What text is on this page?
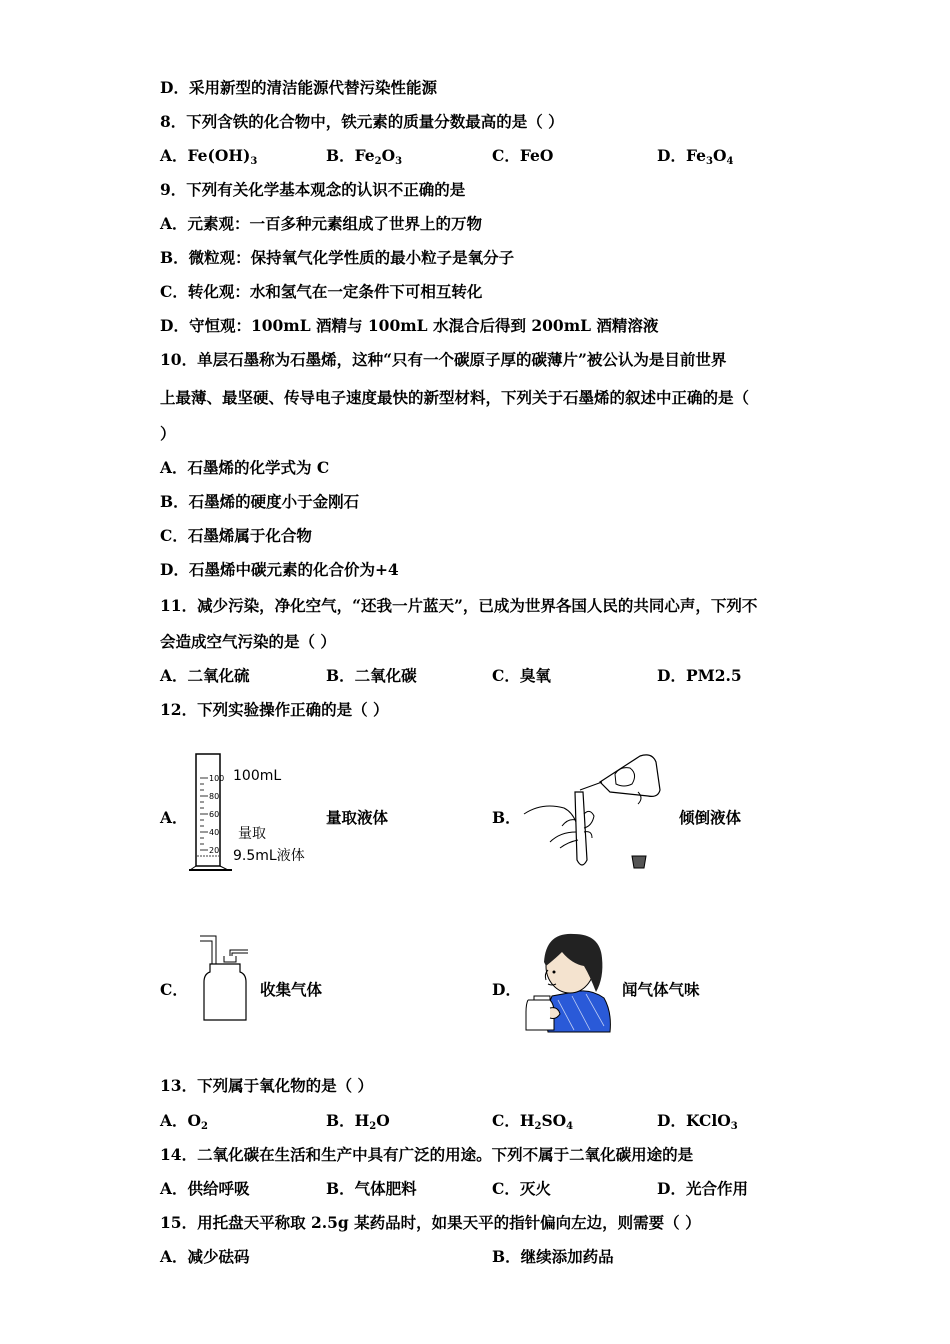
D．采用新型的清洁能源代替污染性能源
8．下列含铁的化合物中，铁元素的质量分数最高的是（ ）
A．$Fe(OH)_3$	B．$Fe_2O_3$	C．FeO	D．$Fe_3O_4$
9．下列有关化学基本观念的认识不正确的是
A．元素观：一百多种元素组成了世界上的万物
B．微粒观：保持氧气化学性质的最小粒子是氧分子
C．转化观：水和氢气在一定条件下可相互转化
D．守恒观：100mL 酒精与 100mL 水混合后得到 200mL 酒精溶液
10．单层石墨称为石墨烯，这种“只有一个碳原子厚的碳薄片”被公认为是目前世界
上最薄、最坚硬、传导电子速度最快的新型材料，下列关于石墨烯的叙述中正确的是（
）
A．石墨烯的化学式为 C
B．石墨烯的硬度小于金刚石
C．石墨烯属于化合物
D．石墨烯中碳元素的化合价为+4
11．减少污染，净化空气，“还我一片蓝天”，已成为世界各国人民的共同心声，下列不
会造成空气污染的是（ ）
A．二氧化硫	B．二氧化碳	C．臭氧	D．PM2.5
12．下列实验操作正确的是（ ）
A．
100
80
60
40
20
100mL
量取
9.5mL液体
量取液体	B．	倾倒液体
C．	收集气体	D．	闻气体气味
13．下列属于氧化物的是（ ）
A．$O_2$	B．$H_2O$	C．$H_2SO_4$	D．KClO$_3$
14．二氧化碳在生活和生产中具有广泛的用途。下列不属于二氧化碳用途的是
A．供给呼吸	B．气体肥料	C．灭火	D．光合作用
15．用托盘天平称取 2.5g 某药品时，如果天平的指针偏向左边，则需要（ ）
A．减少砝码	B．继续添加药品
